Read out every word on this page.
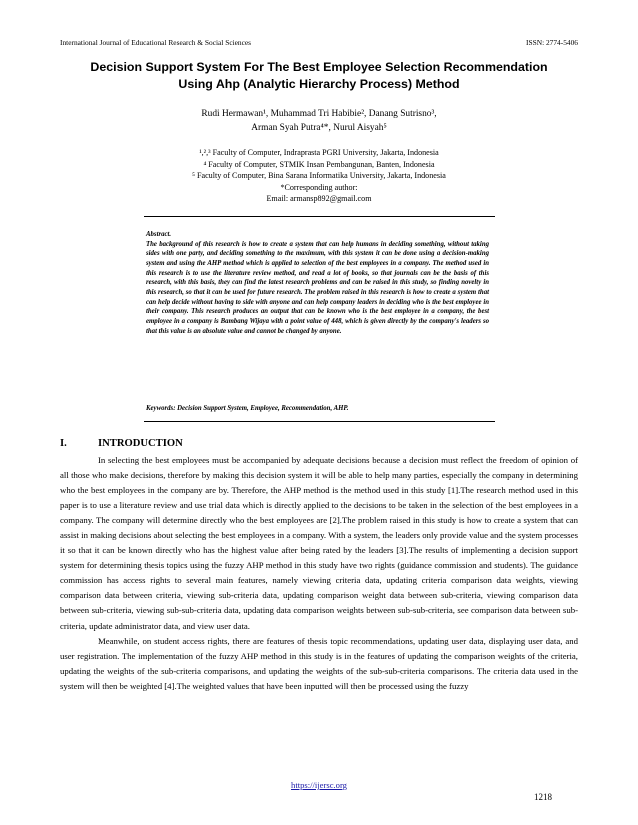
International Journal of Educational Research & Social Sciences	ISSN: 2774-5406
Decision Support System For The Best Employee Selection Recommendation
Using Ahp (Analytic Hierarchy Process) Method
Rudi Hermawan¹, Muhammad Tri Habibie², Danang Sutrisno³,
Arman Syah Putra⁴*, Nurul Aisyah⁵
¹,²,³ Faculty of Computer, Indraprasta PGRI University, Jakarta, Indonesia
⁴ Faculty of Computer, STMIK Insan Pembangunan, Banten, Indonesia
⁵ Faculty of Computer, Bina Sarana Informatika University, Jakarta, Indonesia
*Corresponding author:
Email: armansp892@gmail.com
Abstract.
The background of this research is how to create a system that can help humans in deciding something, without taking sides with one party, and deciding something to the maximum, with this system it can be done using a decision-making system and using the AHP method which is applied to selection of the best employees in a company. The method used in this research is to use the literature review method, and read a lot of books, so that journals can be the basis of this research, with this basis, they can find the latest research problems and can be raised in this study, so finding novelty in this research, so that it can be used for future research. The problem raised in this research is how to create a system that can help decide without having to side with anyone and can help company leaders in deciding who is the best employee in their company. This research produces an output that can be known who is the best employee in a company, the best employee in a company is Bambang Wijaya with a point value of 448, which is given directly by the company's leaders so that this value is an absolute value and cannot be changed by anyone.
Keywords: Decision Support System, Employee, Recommendation, AHP.
I.	INTRODUCTION

In selecting the best employees must be accompanied by adequate decisions because a decision must reflect the freedom of opinion of all those who make decisions, therefore by making this decision system it will be able to help many parties, especially the company in determining who the best employees in the company are by. Therefore, the AHP method is the method used in this study [1].The research method used in this paper is to use a literature review and use trial data which is directly applied to the decisions to be taken in the selection of the best employees in a company. The company will determine directly who the best employees are [2].The problem raised in this study is how to create a system that can assist in making decisions about selecting the best employees in a company. With a system, the leaders only provide value and the system processes it so that it can be known directly who has the highest value after being rated by the leaders [3].The results of implementing a decision support system for determining thesis topics using the fuzzy AHP method in this study have two rights (guidance commission and students). The guidance commission has access rights to several main features, namely viewing criteria data, updating criteria comparison data weights, viewing comparison data between criteria, viewing sub-criteria data, updating comparison weight data between sub-criteria, viewing comparison data between sub-criteria, viewing sub-sub-criteria data, updating data comparison weights between sub-sub-criteria, see comparison data between sub-criteria, update administrator data, and view user data.

Meanwhile, on student access rights, there are features of thesis topic recommendations, updating user data, displaying user data, and user registration. The implementation of the fuzzy AHP method in this study is in the features of updating the comparison weights of the criteria, updating the weights of the sub-criteria comparisons, and updating the weights of the sub-sub-criteria comparisons. The criteria data used in the system will then be weighted [4].The weighted values that have been inputted will then be processed using the fuzzy

https://ijersc.org
1218
